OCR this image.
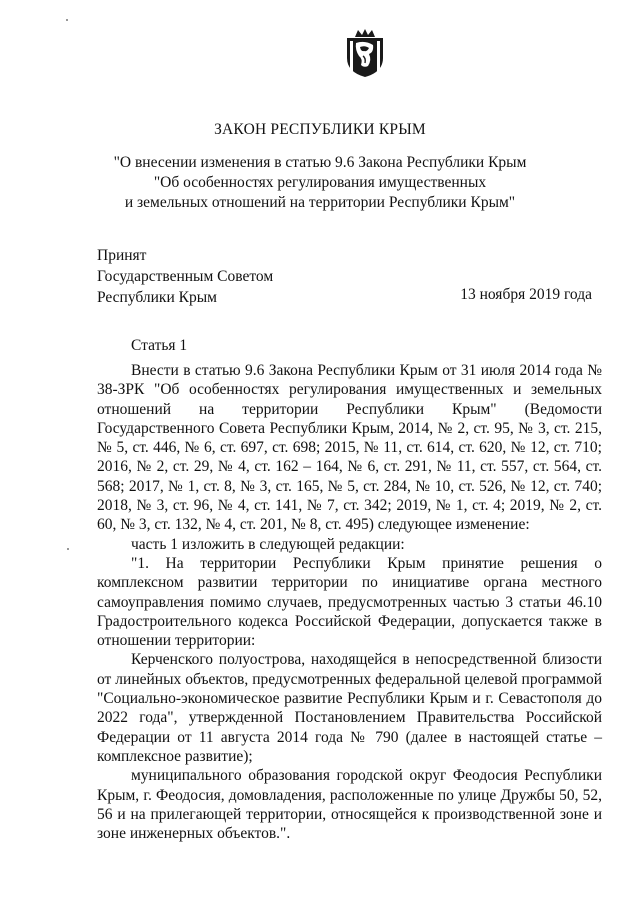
ЗАКОН РЕСПУБЛИКИ КРЫМ
"О внесении изменения в статью 9.6 Закона Республики Крым
"Об особенностях регулирования имущественных
и земельных отношений на территории Республики Крым"
Принят
Государственным Советом
Республики Крым	13 ноября 2019 года
Статья 1

Внести в статью 9.6 Закона Республики Крым от 31 июля 2014 года № 38-ЗРК "Об особенностях регулирования имущественных и земельных отношений на территории Республики Крым" (Ведомости Государственного Совета Республики Крым, 2014, № 2, ст. 95, № 3, ст. 215, № 5, ст. 446, № 6, ст. 697, ст. 698; 2015, № 11, ст. 614, ст. 620, № 12, ст. 710; 2016, № 2, ст. 29, № 4, ст. 162 – 164, № 6, ст. 291, № 11, ст. 557, ст. 564, ст. 568; 2017, № 1, ст. 8, № 3, ст. 165, № 5, ст. 284, № 10, ст. 526, № 12, ст. 740; 2018, № 3, ст. 96, № 4, ст. 141, № 7, ст. 342; 2019, № 1, ст. 4; 2019, № 2, ст. 60, № 3, ст. 132, № 4, ст. 201, № 8, ст. 495) следующее изменение:

часть 1 изложить в следующей редакции:

"1. На территории Республики Крым принятие решения о комплексном развитии территории по инициативе органа местного самоуправления помимо случаев, предусмотренных частью 3 статьи 46.10 Градостроительного кодекса Российской Федерации, допускается также в отношении территории:

Керченского полуострова, находящейся в непосредственной близости от линейных объектов, предусмотренных федеральной целевой программой "Социально-экономическое развитие Республики Крым и г. Севастополя до 2022 года", утвержденной Постановлением Правительства Российской Федерации от 11 августа 2014 года № 790 (далее в настоящей статье – комплексное развитие);

муниципального образования городской округ Феодосия Республики Крым, г. Феодосия, домовладения, расположенные по улице Дружбы 50, 52, 56 и на прилегающей территории, относящейся к производственной зоне и зоне инженерных объектов.".
